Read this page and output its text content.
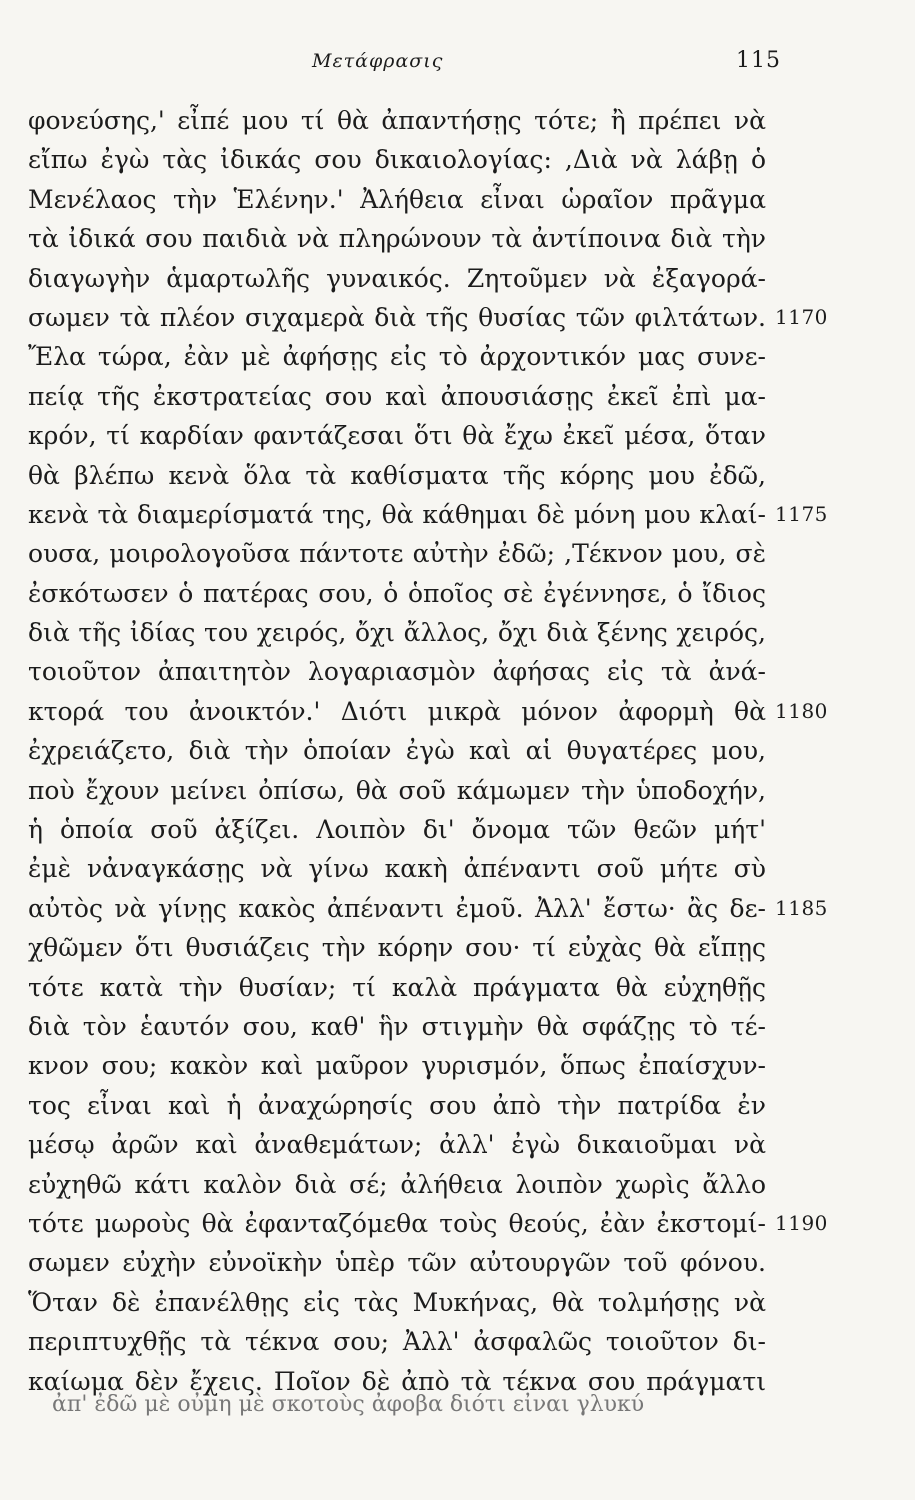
Μετάφρασις	115
φονεύσης,' εἶπέ μου τί θὰ ἀπαντήσῃς τότε; ἢ πρέπει νὰ
εἴπω ἐγὼ τὰς ἰδικάς σου δικαιολογίας: ,Διὰ νὰ λάβῃ ὁ
Μενέλαος τὴν Ἑλένην.' Ἀλήθεια εἶναι ὡραῖον πρᾶγμα
τὰ ἰδικά σου παιδιὰ νὰ πληρώνουν τὰ ἀντίποινα διὰ τὴν
διαγωγὴν ἁμαρτωλῆς γυναικός. Ζητοῦμεν νὰ ἐξαγορά-
σωμεν τὰ πλέον σιχαμερὰ διὰ τῆς θυσίας τῶν φιλτάτων. 1170
Ἔλα τώρα, ἐὰν μὲ ἀφήσῃς εἰς τὸ ἀρχοντικόν μας συνε-
πείᾳ τῆς ἐκστρατείας σου καὶ ἀπουσιάσῃς ἐκεῖ ἐπὶ μα-
κρόν, τί καρδίαν φαντάζεσαι ὅτι θὰ ἔχω ἐκεῖ μέσα, ὅταν
θὰ βλέπω κενὰ ὅλα τὰ καθίσματα τῆς κόρης μου ἐδῶ,
κενὰ τὰ διαμερίσματά της, θὰ κάθημαι δὲ μόνη μου κλαί- 1175
ουσα, μοιρολογοῦσα πάντοτε αὐτὴν ἐδῶ; ,Τέκνον μου, σὲ
ἐσκότωσεν ὁ πατέρας σου, ὁ ὁποῖος σὲ ἐγέννησε, ὁ ἴδιος
διὰ τῆς ἰδίας του χειρός, ὄχι ἄλλος, ὄχι διὰ ξένης χειρός,
τοιοῦτον ἀπαιτητὸν λογαριασμὸν ἀφήσας εἰς τὰ ἀνά-
κτορά του ἀνοικτόν.' Διότι μικρὰ μόνον ἀφορμὴ θὰ 1180
ἐχρειάζετο, διὰ τὴν ὁποίαν ἐγὼ καὶ αἱ θυγατέρες μου,
ποὺ ἔχουν μείνει ὀπίσω, θὰ σοῦ κάμωμεν τὴν ὑποδοχήν,
ἡ ὁποία σοῦ ἀξίζει. Λοιπὸν δι' ὄνομα τῶν θεῶν μήτ'
ἐμὲ νἀναγκάσῃς νὰ γίνω κακὴ ἀπέναντι σοῦ μήτε σὺ
αὐτὸς νὰ γίνῃς κακὸς ἀπέναντι ἐμοῦ. Ἀλλ' ἔστω· ἂς δε- 1185
χθῶμεν ὅτι θυσιάζεις τὴν κόρην σου· τί εὐχὰς θὰ εἴπῃς
τότε κατὰ τὴν θυσίαν; τί καλὰ πράγματα θὰ εὐχηθῇς
διὰ τὸν ἑαυτόν σου, καθ' ἣν στιγμὴν θὰ σφάζῃς τὸ τέ-
κνον σου; κακὸν καὶ μαῦρον γυρισμόν, ὅπως ἐπαίσχυν-
τος εἶναι καὶ ἡ ἀναχώρησίς σου ἀπὸ τὴν πατρίδα ἐν
μέσῳ ἀρῶν καὶ ἀναθεμάτων; ἀλλ' ἐγὼ δικαιοῦμαι νὰ
εὐχηθῶ κάτι καλὸν διὰ σέ; ἀλήθεια λοιπὸν χωρὶς ἄλλο
τότε μωροὺς θὰ ἐφανταζόμεθα τοὺς θεούς, ἐὰν ἐκστομί- 1190
σωμεν εὐχὴν εὐνοϊκὴν ὑπὲρ τῶν αὐτουργῶν τοῦ φόνου.
Ὅταν δὲ ἐπανέλθῃς εἰς τὰς Μυκήνας, θὰ τολμήσῃς νὰ
περιπτυχθῇς τὰ τέκνα σου; Ἀλλ' ἀσφαλῶς τοιοῦτον δι-
καίωμα δὲν ἔχεις. Ποῖον δὲ ἀπὸ τὰ τέκνα σου πράγματι
ἀπ' ἐδῶ μὲ οὖμη μὲ σκοτοὺς ἀφοβα διότι εἶναι γλυκύ
